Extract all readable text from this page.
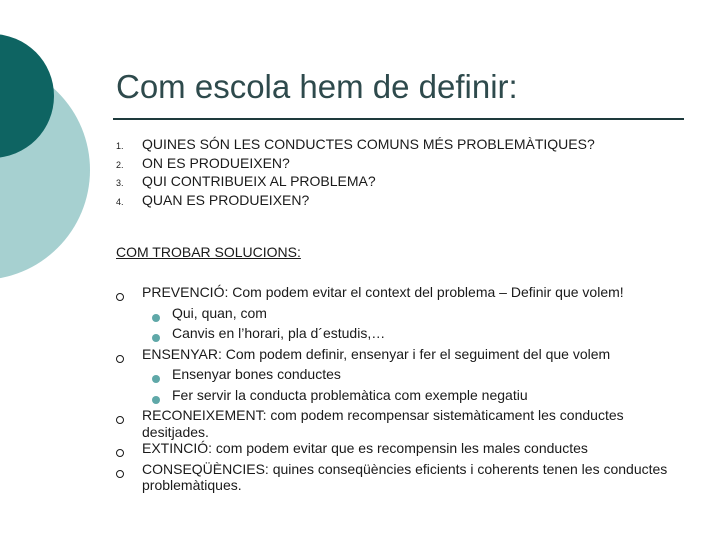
Com escola hem de definir:
1.	QUINES SÓN LES CONDUCTES COMUNS MÉS PROBLEMÀTIQUES?
2.	ON ES PRODUEIXEN?
3.	QUI CONTRIBUEIX AL PROBLEMA?
4.	QUAN ES PRODUEIXEN?
COM TROBAR SOLUCIONS:
PREVENCIÓ: Com podem evitar el context del problema – Definir que volem!
Qui, quan, com
Canvis en l’horari, pla d´estudis,…
ENSENYAR: Com podem definir, ensenyar i fer el seguiment del que volem
Ensenyar bones conductes
Fer servir la conducta problemàtica com exemple negatiu
RECONEIXEMENT: com podem recompensar sistemàticament les conductes desitjades.
EXTINCIÓ: com podem evitar que es recompensin les males conductes
CONSEQÜÈNCIES: quines conseqüències eficients i coherents tenen les conductes problemàtiques.
